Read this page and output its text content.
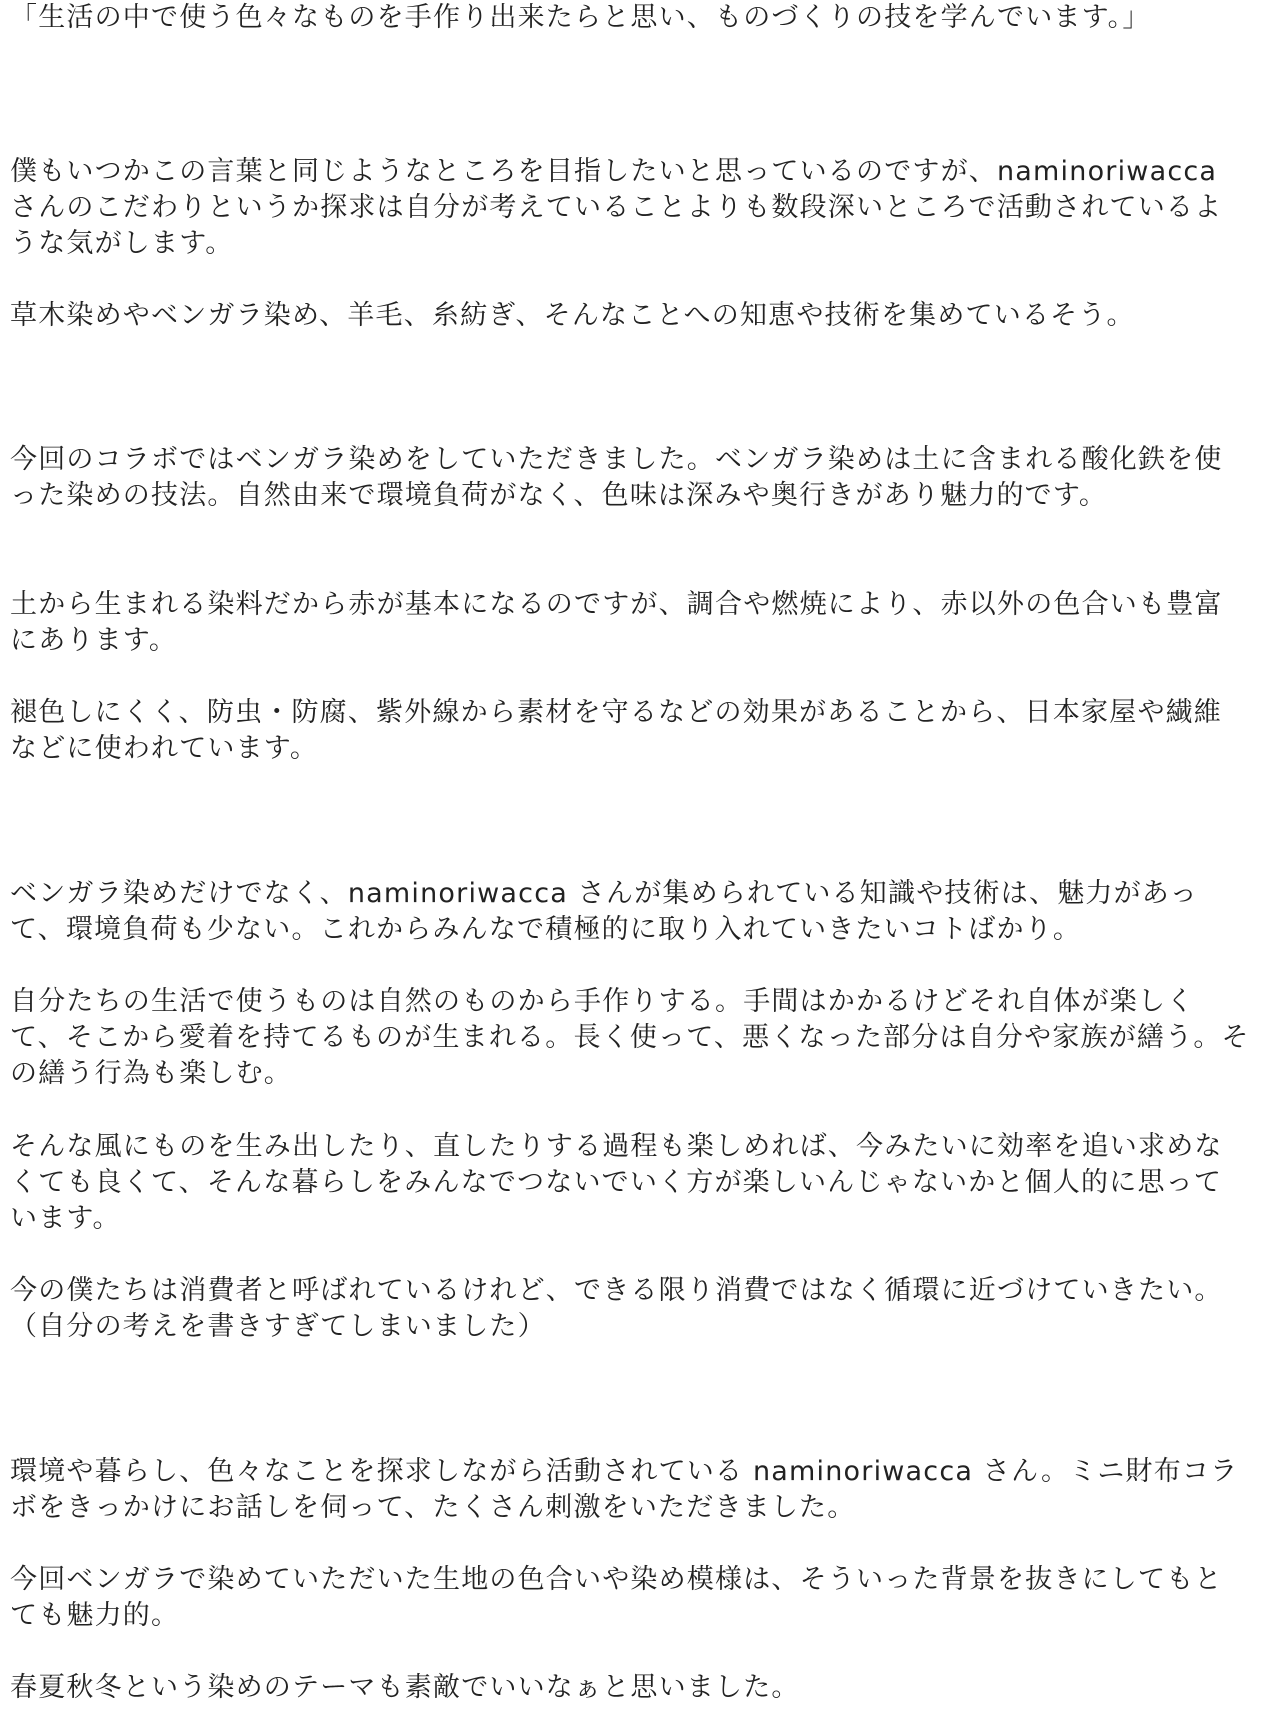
「生活の中で使う色々なものを手作り出来たらと思い、ものづくりの技を学んでいます。」

僕もいつかこの言葉と同じようなところを目指したいと思っているのですが、naminoriwacca さんのこだわりというか探求は自分が考えていることよりも数段深いところで活動されているような気がします。

草木染めやベンガラ染め、羊毛、糸紡ぎ、そんなことへの知恵や技術を集めているそう。

今回のコラボではベンガラ染めをしていただきました。ベンガラ染めは土に含まれる酸化鉄を使った染めの技法。自然由来で環境負荷がなく、色味は深みや奥行きがあり魅力的です。

土から生まれる染料だから赤が基本になるのですが、調合や燃焼により、赤以外の色合いも豊富にあります。

褪色しにくく、防虫・防腐、紫外線から素材を守るなどの効果があることから、日本家屋や繊維などに使われています。

ベンガラ染めだけでなく、naminoriwacca さんが集められている知識や技術は、魅力があって、環境負荷も少ない。これからみんなで積極的に取り入れていきたいコトばかり。

自分たちの生活で使うものは自然のものから手作りする。手間はかかるけどそれ自体が楽しくて、そこから愛着を持てるものが生まれる。長く使って、悪くなった部分は自分や家族が繕う。その繕う行為も楽しむ。

そんな風にものを生み出したり、直したりする過程も楽しめれば、今みたいに効率を追い求めなくても良くて、そんな暮らしをみんなでつないでいく方が楽しいんじゃないかと個人的に思っています。

今の僕たちは消費者と呼ばれているけれど、できる限り消費ではなく循環に近づけていきたい。（自分の考えを書きすぎてしまいました）

環境や暮らし、色々なことを探求しながら活動されている naminoriwacca さん。ミニ財布コラボをきっかけにお話しを伺って、たくさん刺激をいただきました。

今回ベンガラで染めていただいた生地の色合いや染め模様は、そういった背景を抜きにしてもとても魅力的。

春夏秋冬という染めのテーマも素敵でいいなぁと思いました。
